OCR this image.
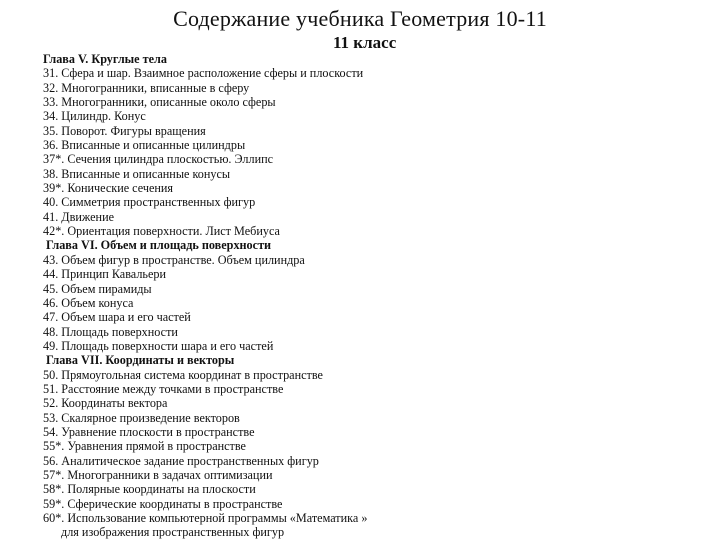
Содержание учебника Геометрия 10-11
11 класс
Глава V. Круглые тела
31. Сфера и шар. Взаимное расположение сферы и плоскости
32. Многогранники, вписанные в сферу
33. Многогранники, описанные около сферы
34. Цилиндр. Конус
35. Поворот. Фигуры вращения
36. Вписанные и описанные цилиндры
37*. Сечения цилиндра плоскостью. Эллипс
38. Вписанные и описанные конусы
39*. Конические сечения
40. Симметрия пространственных фигур
41. Движение
42*. Ориентация поверхности. Лист Мебиуса
Глава VI. Объем и площадь поверхности
43. Объем фигур в пространстве. Объем цилиндра
44. Принцип Кавальери
45. Объем пирамиды
46. Объем конуса
47. Объем шара и его частей
48. Площадь поверхности
49. Площадь поверхности шара и его частей
Глава VII. Координаты и векторы
50. Прямоугольная система координат в пространстве
51. Расстояние между точками в пространстве
52. Координаты вектора
53. Скалярное произведение векторов
54. Уравнение плоскости в пространстве
55*. Уравнения прямой в пространстве
56. Аналитическое задание пространственных фигур
57*. Многогранники в задачах оптимизации
58*. Полярные координаты на плоскости
59*. Сферические координаты в пространстве
60*. Использование компьютерной программы «Математика »
для изображения пространственных фигур
